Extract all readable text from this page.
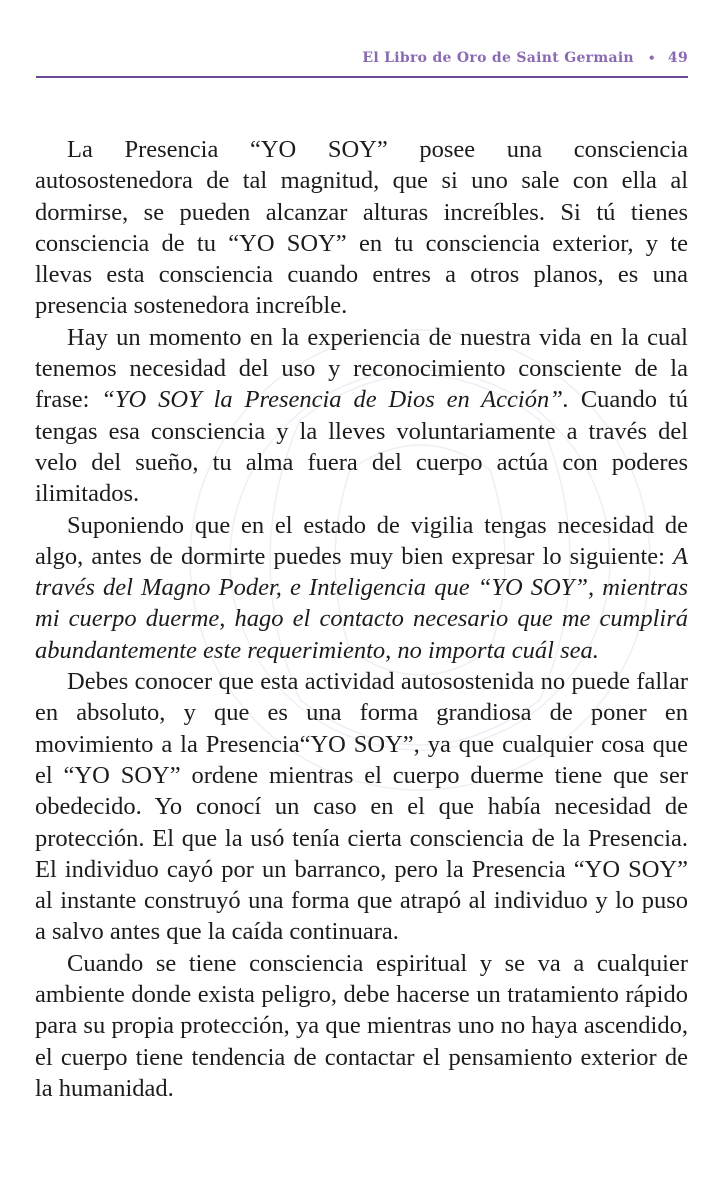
El Libro de Oro de Saint Germain • 49

La Presencia “YO SOY” posee una consciencia autosostenedora de tal magnitud, que si uno sale con ella al dormirse, se pueden alcanzar alturas increíbles. Si tú tienes consciencia de tu “YO SOY” en tu consciencia exterior, y te llevas esta consciencia cuando entres a otros planos, es una presencia sostenedora increíble.

Hay un momento en la experiencia de nuestra vida en la cual tenemos necesidad del uso y reconocimiento consciente de la frase: “YO SOY la Presencia de Dios en Acción”. Cuando tú tengas esa consciencia y la lleves voluntariamente a través del velo del sueño, tu alma fuera del cuerpo actúa con poderes ilimitados.

Suponiendo que en el estado de vigilia tengas necesidad de algo, antes de dormirte puedes muy bien expresar lo siguiente: A través del Magno Poder, e Inteligencia que “YO SOY”, mientras mi cuerpo duerme, hago el contacto necesario que me cumplirá abundantemente este requerimiento, no importa cuál sea.

Debes conocer que esta actividad autosostenida no puede fallar en absoluto, y que es una forma grandiosa de poner en movimiento a la Presencia“YO SOY”, ya que cualquier cosa que el “YO SOY” ordene mientras el cuerpo duerme tiene que ser obedecido. Yo conocí un caso en el que había necesidad de protección. El que la usó tenía cierta consciencia de la Presencia. El individuo cayó por un barranco, pero la Presencia “YO SOY” al instante construyó una forma que atrapó al individuo y lo puso a salvo antes que la caída continuara.

Cuando se tiene consciencia espiritual y se va a cualquier ambiente donde exista peligro, debe hacerse un tratamiento rápido para su propia protección, ya que mientras uno no haya ascendido, el cuerpo tiene tendencia de contactar el pensamiento exterior de la humanidad.
